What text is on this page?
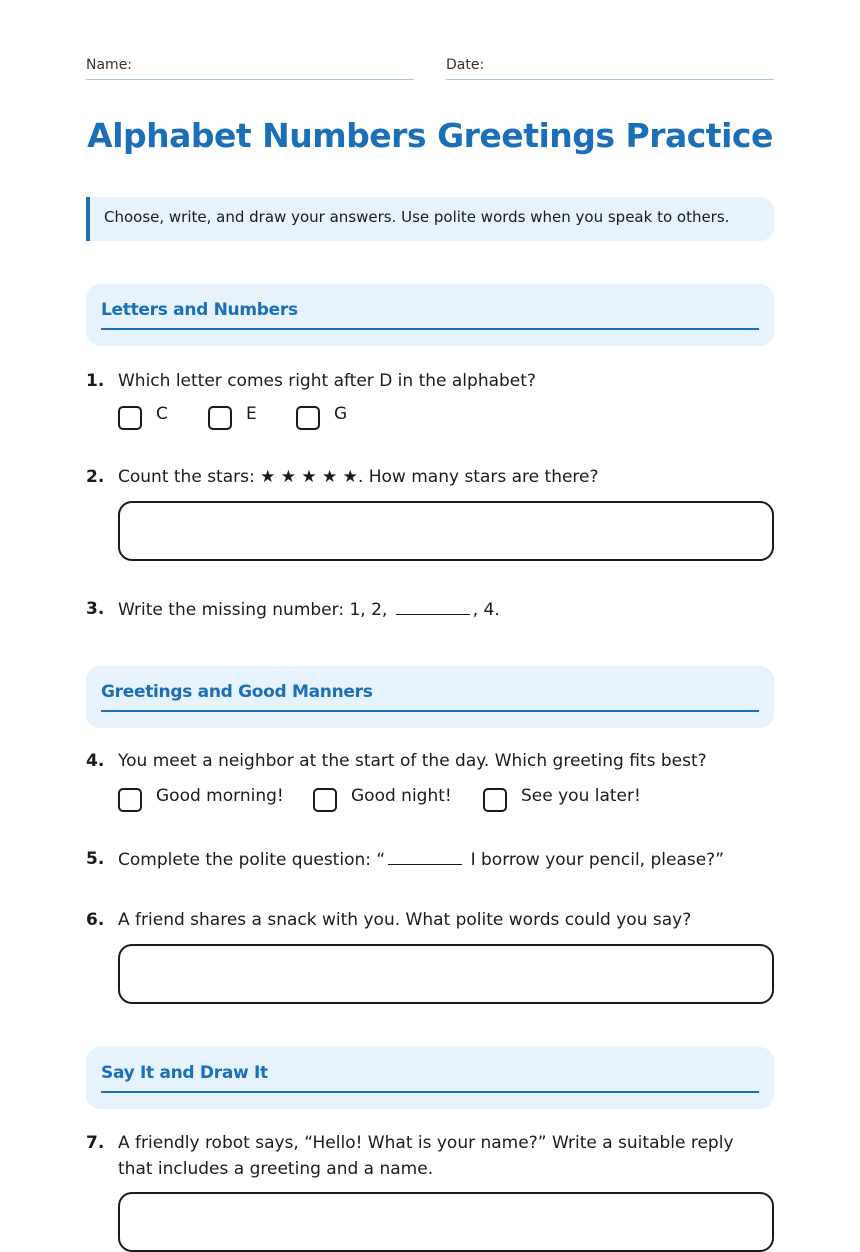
Name:	Date:
Alphabet Numbers Greetings Practice
Choose, write, and draw your answers. Use polite words when you speak to others.
Letters and Numbers
1. Which letter comes right after D in the alphabet?
C	E	G
2. Count the stars: ★ ★ ★ ★ ★. How many stars are there?
3. Write the missing number: 1, 2,	, 4.
Greetings and Good Manners
4. You meet a neighbor at the start of the day. Which greeting fits best?
Good morning!	Good night!	See you later!
5. Complete the polite question: “	I borrow your pencil, please?”
6. A friend shares a snack with you. What polite words could you say?
Say It and Draw It
7. A friendly robot says, “Hello! What is your name?” Write a suitable reply that includes a greeting and a name.
